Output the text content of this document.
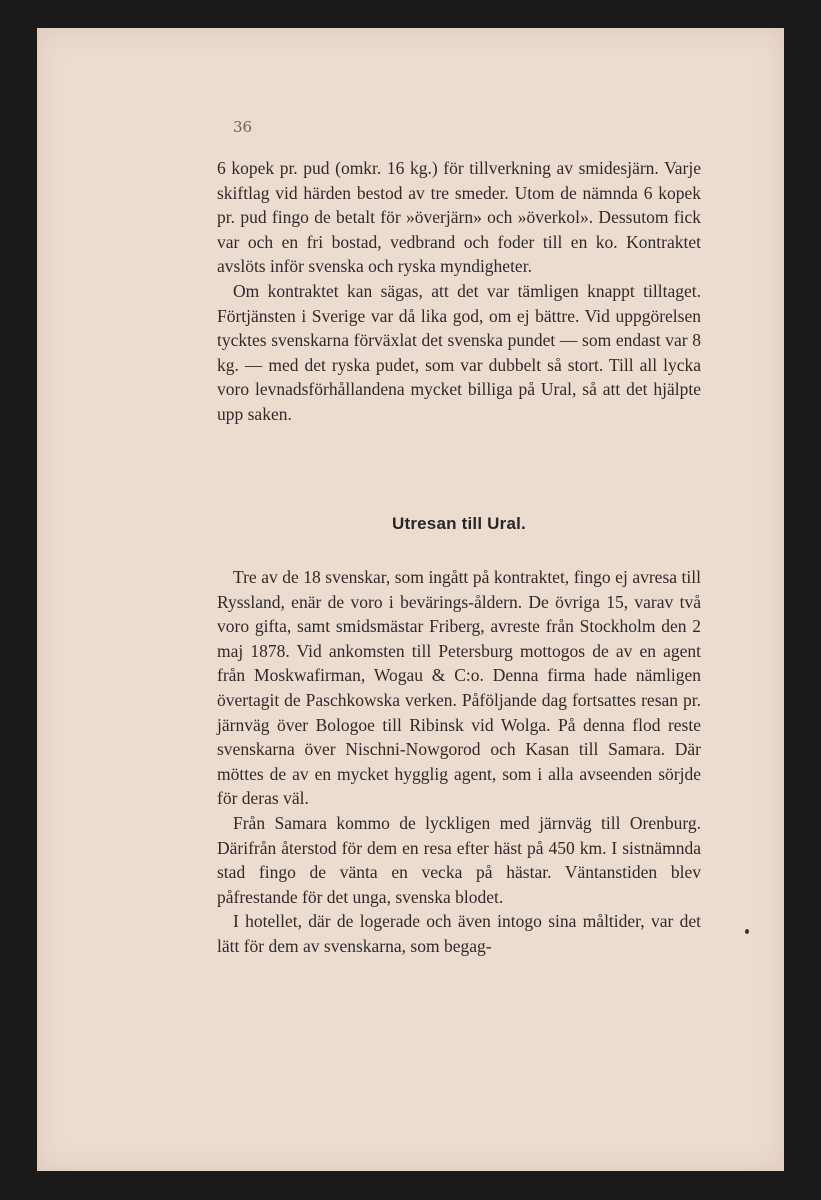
36

6 kopek pr. pud (omkr. 16 kg.) för tillverkning av smidesjärn. Varje skiftlag vid härden bestod av tre smeder. Utom de nämnda 6 kopek pr. pud fingo de betalt för »överjärn» och »överkol». Dessutom fick var och en fri bostad, vedbrand och foder till en ko. Kontraktet avslöts inför svenska och ryska myndigheter.

Om kontraktet kan sägas, att det var tämligen knappt tilltaget. Förtjänsten i Sverige var då lika god, om ej bättre. Vid uppgörelsen tycktes svenskarna förväxlat det svenska pundet — som endast var 8 kg. — med det ryska pudet, som var dubbelt så stort. Till all lycka voro levnadsförhållandena mycket billiga på Ural, så att det hjälpte upp saken.

Utresan till Ural.

Tre av de 18 svenskar, som ingått på kontraktet, fingo ej avresa till Ryssland, enär de voro i bevärings-åldern. De övriga 15, varav två voro gifta, samt smidsmästar Friberg, avreste från Stockholm den 2 maj 1878. Vid ankomsten till Petersburg mottogos de av en agent från Moskwafirman, Wogau & C:o. Denna firma hade nämligen övertagit de Paschkowska verken. Påföljande dag fortsattes resan pr. järnväg över Bologoe till Ribinsk vid Wolga. På denna flod reste svenskarna över Nischni-Nowgorod och Kasan till Samara. Där möttes de av en mycket hygglig agent, som i alla avseenden sörjde för deras väl.

Från Samara kommo de lyckligen med järnväg till Orenburg. Därifrån återstod för dem en resa efter häst på 450 km. I sistnämnda stad fingo de vänta en vecka på hästar. Väntanstiden blev påfrestande för det unga, svenska blodet.

I hotellet, där de logerade och även intogo sina måltider, var det lätt för dem av svenskarna, som begag-
